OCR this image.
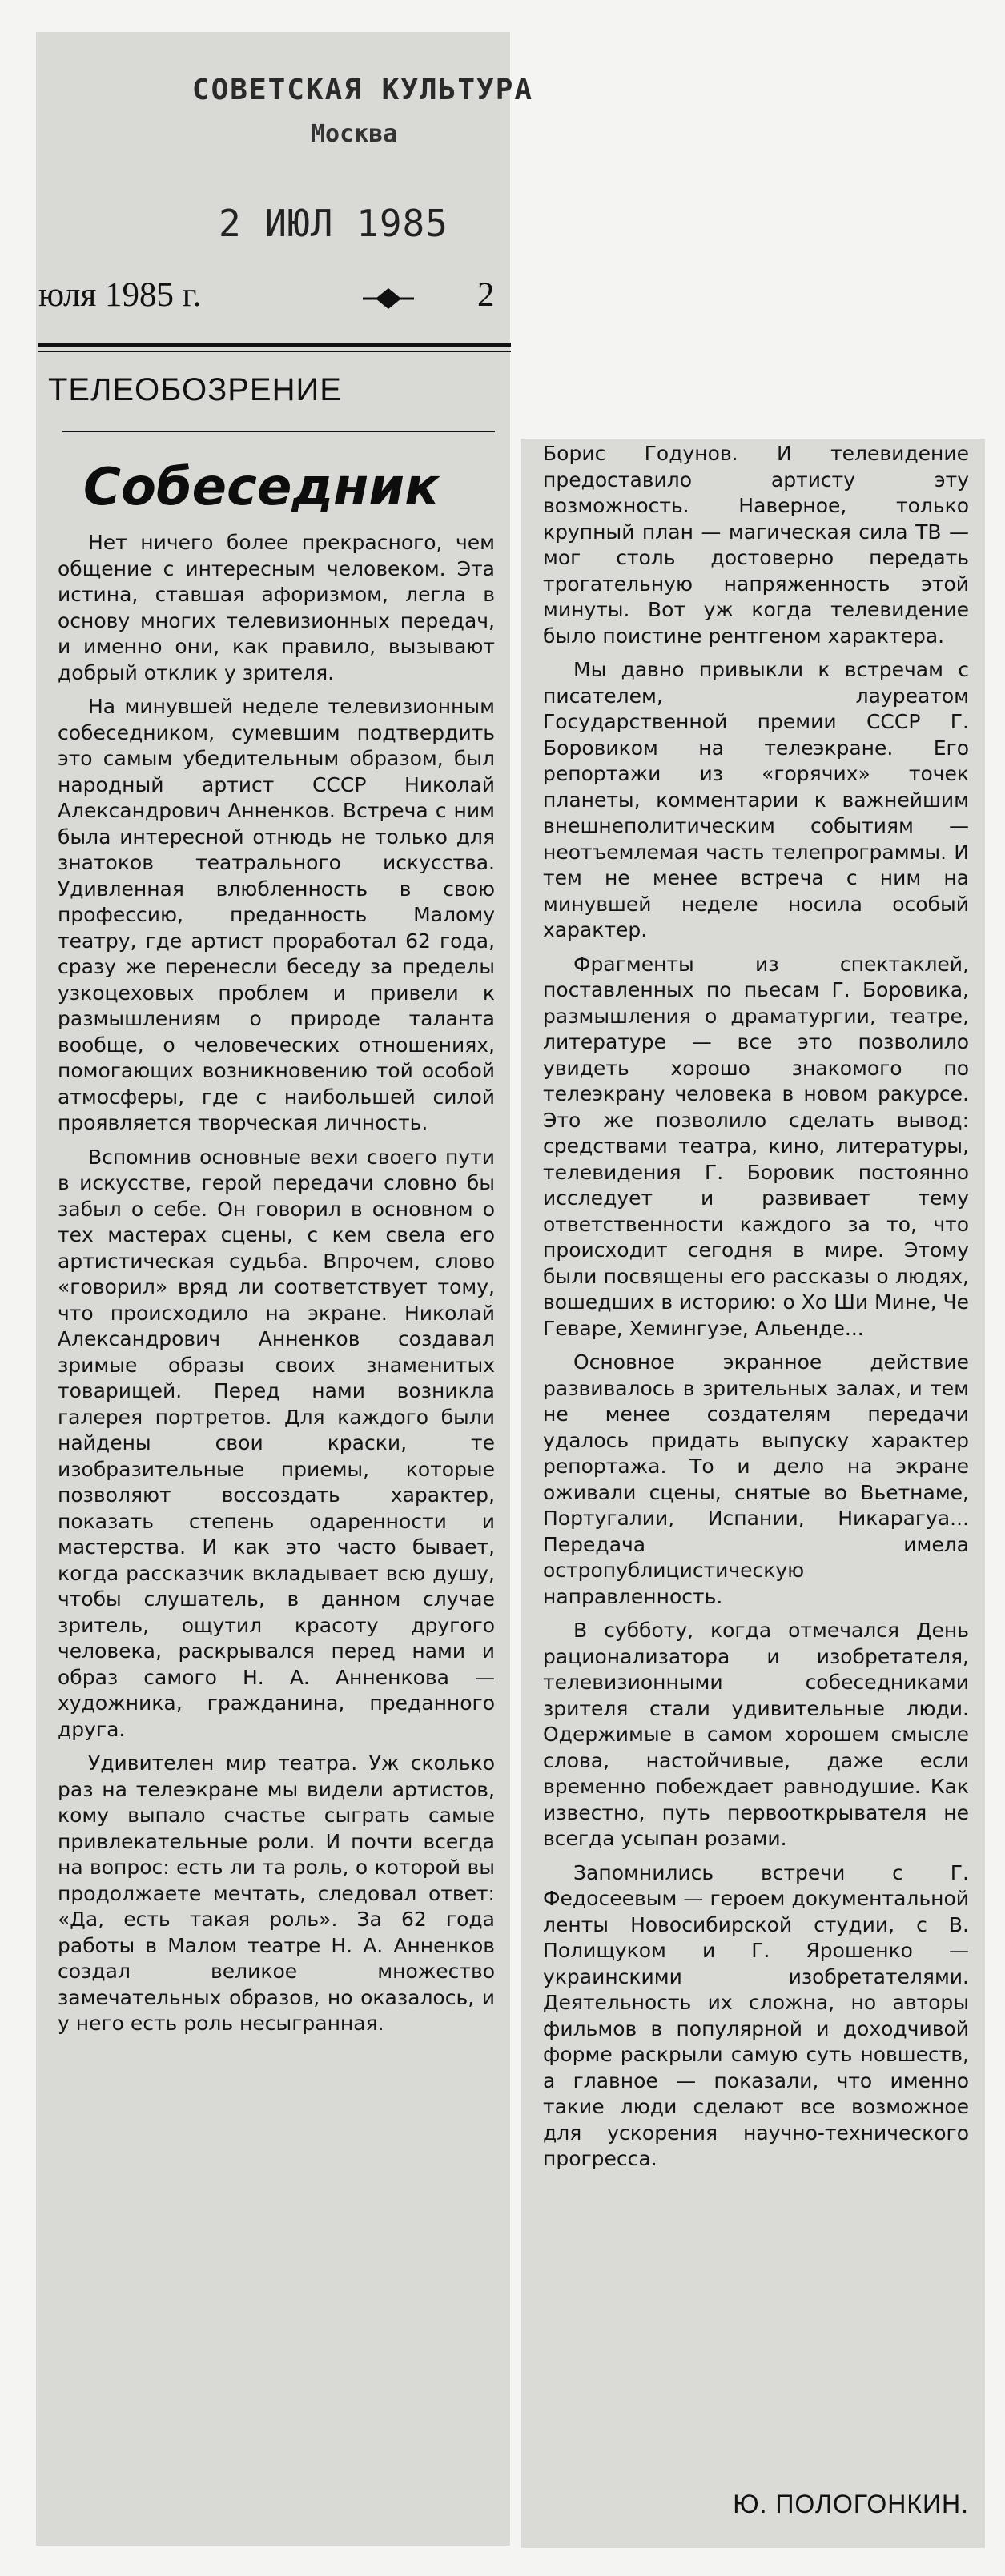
СОВЕТСКАЯ КУЛЬТУРА
Москва
2 ИЮЛ 1985
юля 1985 г.	2
ТЕЛЕОБОЗРЕНИЕ
Собеседник

Нет ничего более прекрасного, чем общение с интересным человеком. Эта истина, ставшая афоризмом, легла в основу многих телевизионных передач, и именно они, как правило, вызывают добрый отклик у зрителя.

На минувшей неделе телевизионным собеседником, сумевшим подтвердить это самым убедительным образом, был народный артист СССР Николай Александрович Анненков. Встреча с ним была интересной отнюдь не только для знатоков театрального искусства. Удивленная влюбленность в свою профессию, преданность Малому театру, где артист проработал 62 года, сразу же перенесли беседу за пределы узкоцеховых проблем и привели к размышлениям о природе таланта вообще, о человеческих отношениях, помогающих возникновению той особой атмосферы, где с наибольшей силой проявляется творческая личность.

Вспомнив основные вехи своего пути в искусстве, герой передачи словно бы забыл о себе. Он говорил в основном о тех мастерах сцены, с кем свела его артистическая судьба. Впрочем, слово «говорил» вряд ли соответствует тому, что происходило на экране. Николай Александрович Анненков создавал зримые образы своих знаменитых товарищей. Перед нами возникла галерея портретов. Для каждого были найдены свои краски, те изобразительные приемы, которые позволяют воссоздать характер, показать степень одаренности и мастерства. И как это часто бывает, когда рассказчик вкладывает всю душу, чтобы слушатель, в данном случае зритель, ощутил красоту другого человека, раскрывался перед нами и образ самого Н. А. Анненкова — художника, гражданина, преданного друга.

Удивителен мир театра. Уж сколько раз на телеэкране мы видели артистов, кому выпало счастье сыграть самые привлекательные роли. И почти всегда на вопрос: есть ли та роль, о которой вы продолжаете мечтать, следовал ответ: «Да, есть такая роль». За 62 года работы в Малом театре Н. А. Анненков создал великое множество замечательных образов, но оказалось, и у него есть роль несыгранная.

Борис Годунов. И телевидение предоставило артисту эту возможность. Наверное, только крупный план — магическая сила ТВ — мог столь достоверно передать трогательную напряженность этой минуты. Вот уж когда телевидение было поистине рентгеном характера.

Мы давно привыкли к встречам с писателем, лауреатом Государственной премии СССР Г. Боровиком на телеэкране. Его репортажи из «горячих» точек планеты, комментарии к важнейшим внешнеполитическим событиям — неотъемлемая часть телепрограммы. И тем не менее встреча с ним на минувшей неделе носила особый характер.

Фрагменты из спектаклей, поставленных по пьесам Г. Боровика, размышления о драматургии, театре, литературе — все это позволило увидеть хорошо знакомого по телеэкрану человека в новом ракурсе. Это же позволило сделать вывод: средствами театра, кино, литературы, телевидения Г. Боровик постоянно исследует и развивает тему ответственности каждого за то, что происходит сегодня в мире. Этому были посвящены его рассказы о людях, вошедших в историю: о Хо Ши Мине, Че Геваре, Хемингуэе, Альенде...

Основное экранное действие развивалось в зрительных залах, и тем не менее создателям передачи удалось придать выпуску характер репортажа. То и дело на экране оживали сцены, снятые во Вьетнаме, Португалии, Испании, Никарагуа... Передача имела остропублицистическую направленность.

В субботу, когда отмечался День рационализатора и изобретателя, телевизионными собеседниками зрителя стали удивительные люди. Одержимые в самом хорошем смысле слова, настойчивые, даже если временно побеждает равнодушие. Как известно, путь первооткрывателя не всегда усыпан розами.

Запомнились встречи с Г. Федосеевым — героем документальной ленты Новосибирской студии, с В. Полищуком и Г. Ярошенко — украинскими изобретателями. Деятельность их сложна, но авторы фильмов в популярной и доходчивой форме раскрыли самую суть новшеств, а главное — показали, что именно такие люди сделают все возможное для ускорения научно-технического прогресса.

Ю. ПОЛОГОНКИН.
